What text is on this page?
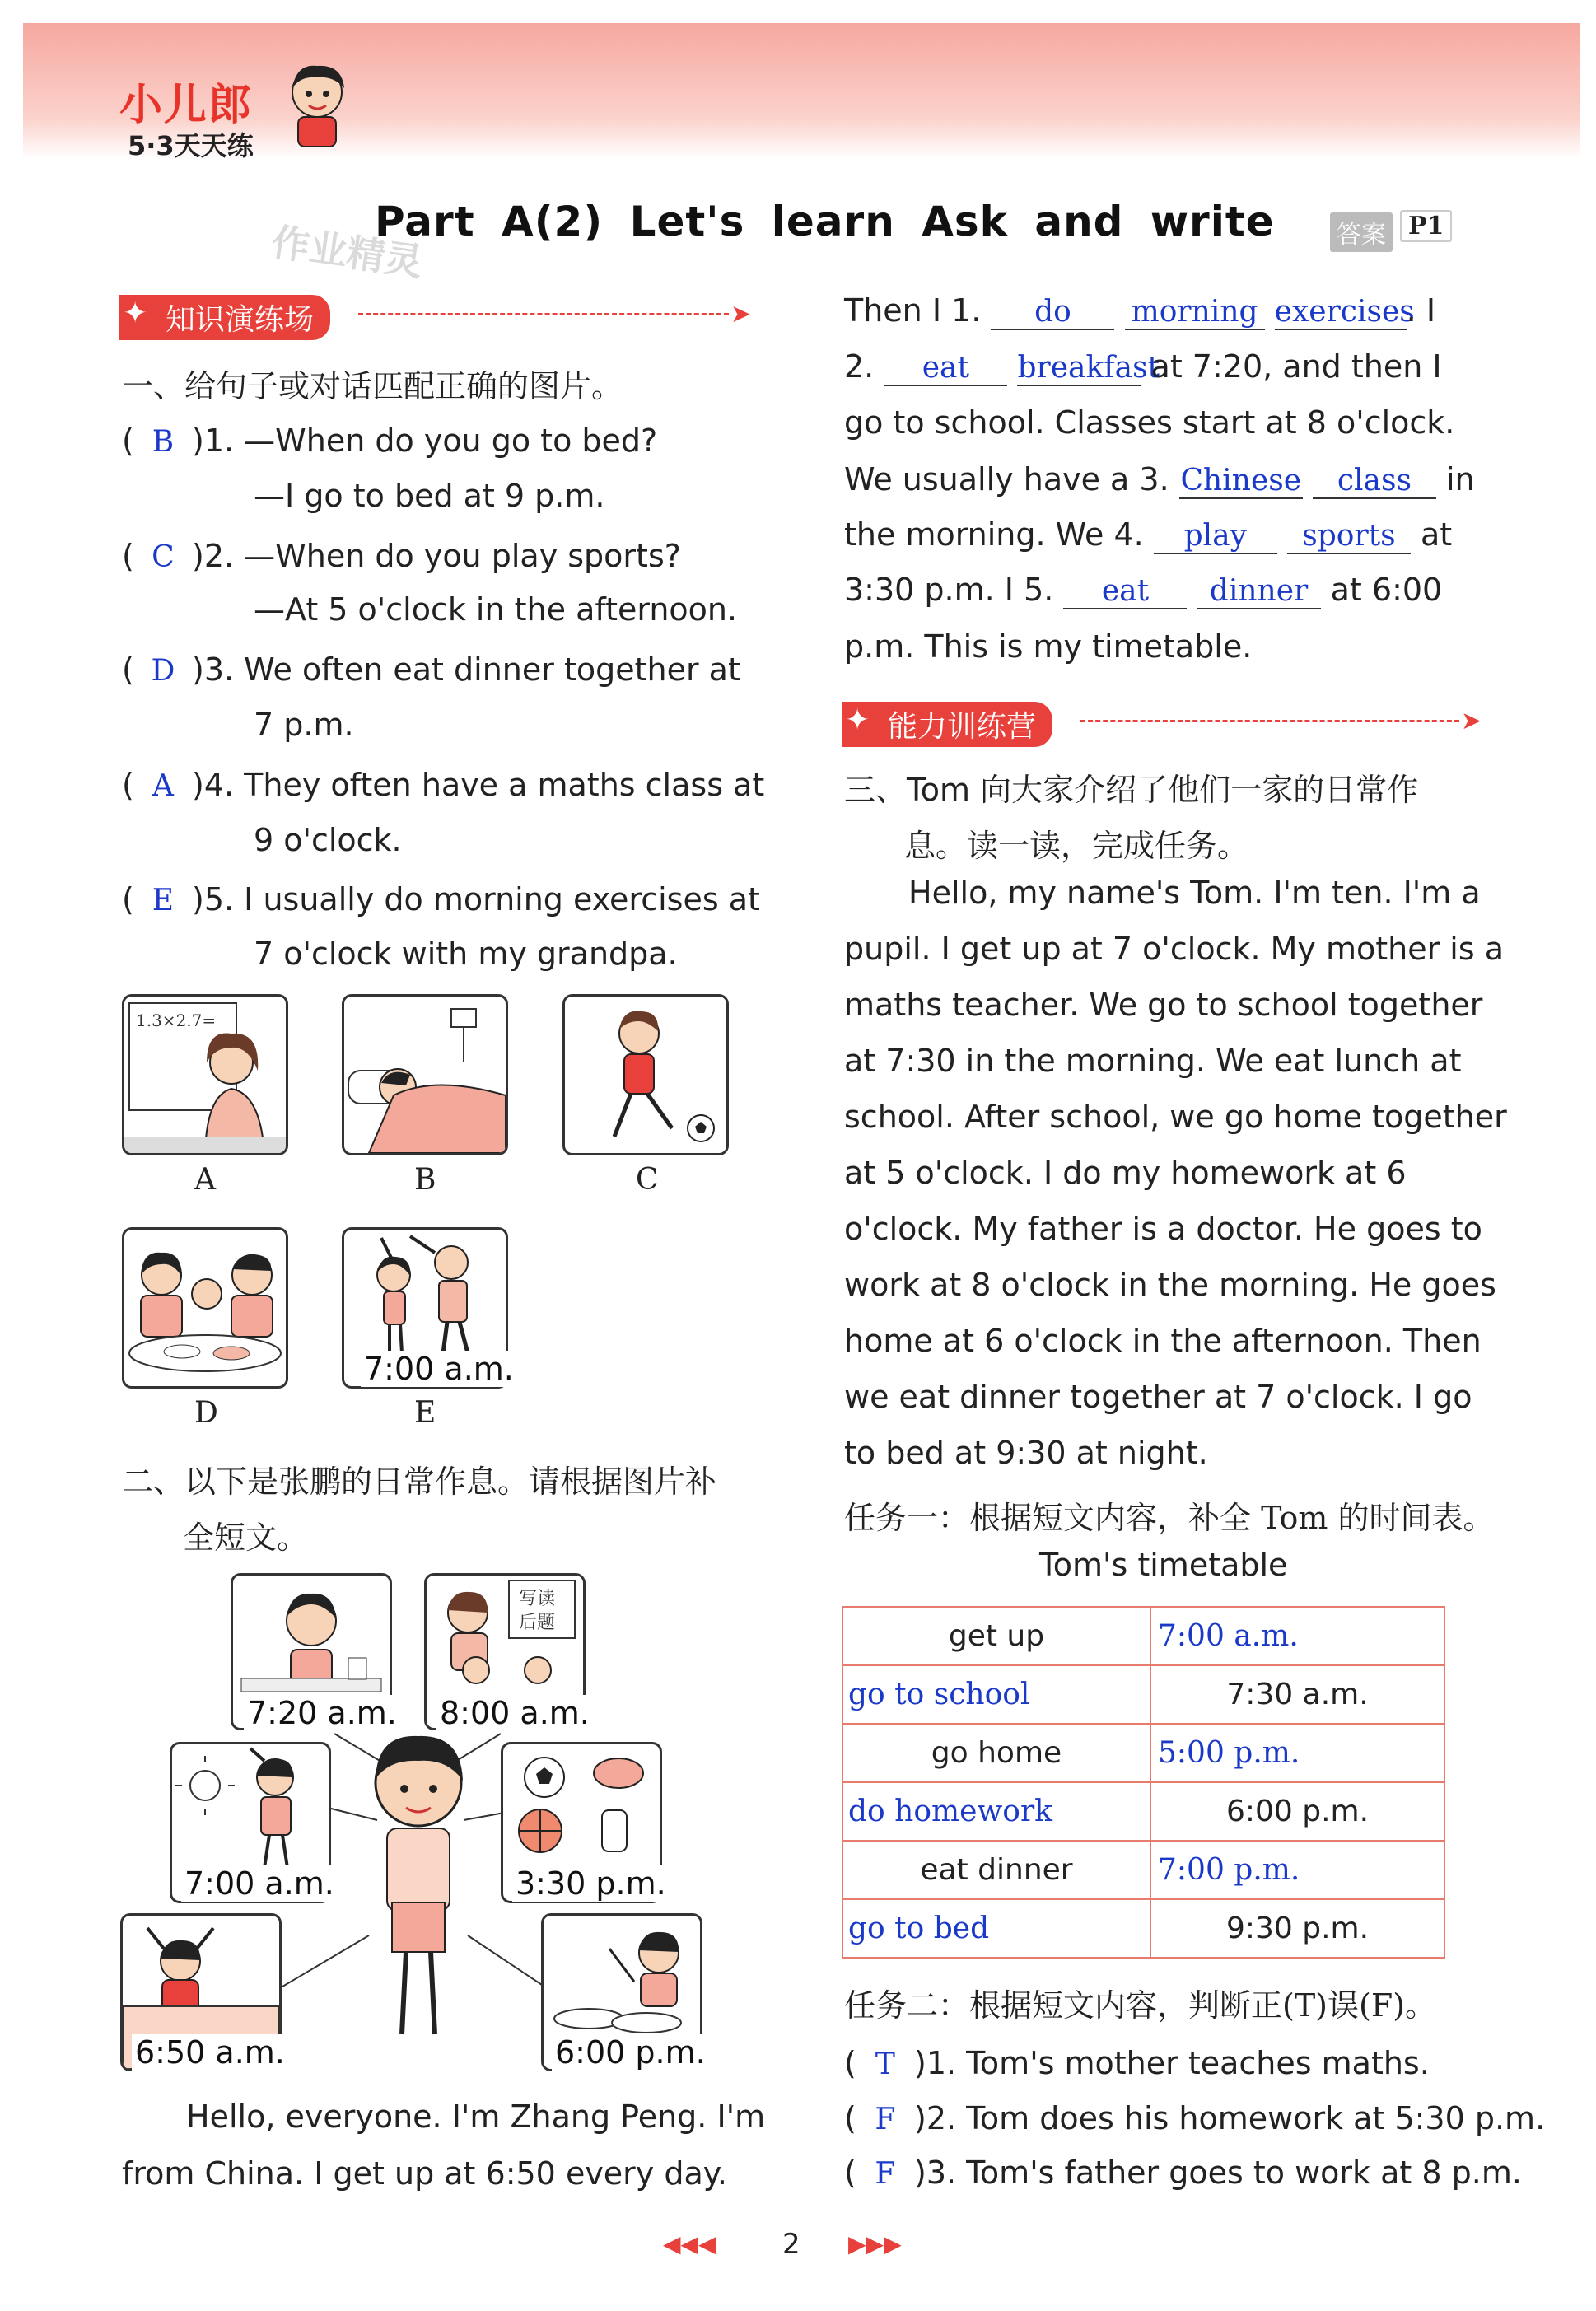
小儿郎
5·3天天练
Part A(2) Let's learn Ask and write
作业精灵	答案 P1
✦ 知识演练场	➤
一、给句子或对话匹配正确的图片。
( B )1. —When do you go to bed?
—I go to bed at 9 p.m.
( C )2. —When do you play sports?
—At 5 o'clock in the afternoon.
( D )3. We often eat dinner together at
7 p.m.
( A )4. They often have a maths class at
9 o'clock.
( E )5. I usually do morning exercises at
7 o'clock with my grandpa.
1.3×2.7=
A	B	C
7:00 a.m.
D	E
二、以下是张鹏的日常作息。请根据图片补
全短文。
7:20 a.m.
写读
后题
8:00 a.m.
7:00 a.m.	3:30 p.m.
6:50 a.m.	6:00 p.m.
Hello, everyone. I'm Zhang Peng. I'm
from China. I get up at 6:50 every day.
Then I 1. do morning exercises. I
2. eat breakfast at 7:20, and then I
go to school. Classes start at 8 o'clock.
We usually have a 3. Chinese class in
the morning. We 4. play sports at
3:30 p.m. I 5. eat dinner at 6:00
p.m. This is my timetable.
✦ 能力训练营	➤
三、Tom 向大家介绍了他们一家的日常作
息。读一读，完成任务。
Hello, my name's Tom. I'm ten. I'm a
pupil. I get up at 7 o'clock. My mother is a
maths teacher. We go to school together
at 7:30 in the morning. We eat lunch at
school. After school, we go home together
at 5 o'clock. I do my homework at 6
o'clock. My father is a doctor. He goes to
work at 8 o'clock in the morning. He goes
home at 6 o'clock in the afternoon. Then
we eat dinner together at 7 o'clock. I go
to bed at 9:30 at night.
任务一：根据短文内容，补全 Tom 的时间表。
Tom's timetable
get up	7:00 a.m.
go to school	7:30 a.m.
go home	5:00 p.m.
do homework	6:00 p.m.
eat dinner	7:00 p.m.
go to bed	9:30 p.m.
任务二：根据短文内容，判断正(T)误(F)。
( T )1. Tom's mother teaches maths.
( F )2. Tom does his homework at 5:30 p.m.
( F )3. Tom's father goes to work at 8 p.m.
◀◀◀ 2 ▶▶▶
